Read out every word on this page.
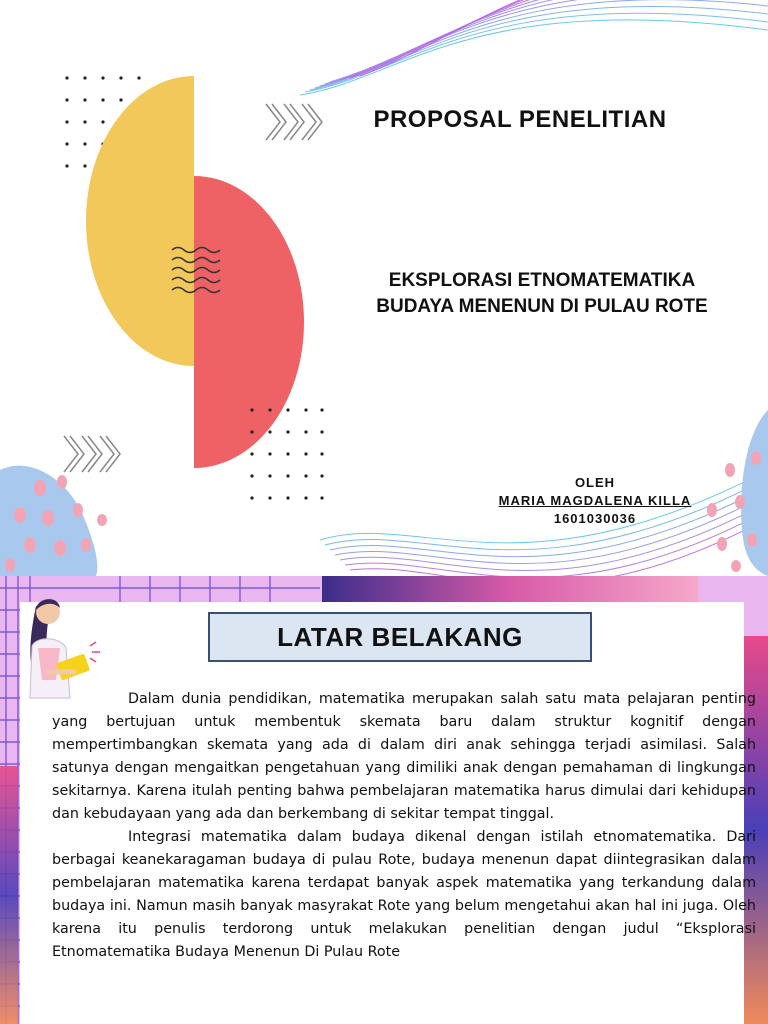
PROPOSAL PENELITIAN
EKSPLORASI ETNOMATEMATIKA
BUDAYA MENENUN DI PULAU ROTE
OLEH
MARIA MAGDALENA KILLA
1601030036
LATAR BELAKANG

Dalam dunia pendidikan, matematika merupakan salah satu mata pelajaran penting yang bertujuan untuk membentuk skemata baru dalam struktur kognitif dengan mempertimbangkan skemata yang ada di dalam diri anak sehingga terjadi asimilasi. Salah satunya dengan mengaitkan pengetahuan yang dimiliki anak dengan pemahaman di lingkungan sekitarnya. Karena itulah penting bahwa pembelajaran matematika harus dimulai dari kehidupan dan kebudayaan yang ada dan berkembang di sekitar tempat tinggal.

Integrasi matematika dalam budaya dikenal dengan istilah etnomatematika. Dari berbagai keanekaragaman budaya di pulau Rote, budaya menenun dapat diintegrasikan dalam pembelajaran matematika karena terdapat banyak aspek matematika yang terkandung dalam budaya ini. Namun masih banyak masyrakat Rote yang belum mengetahui akan hal ini juga. Oleh karena itu penulis terdorong untuk melakukan penelitian dengan judul “Eksplorasi Etnomatematika Budaya Menenun Di Pulau Rote
